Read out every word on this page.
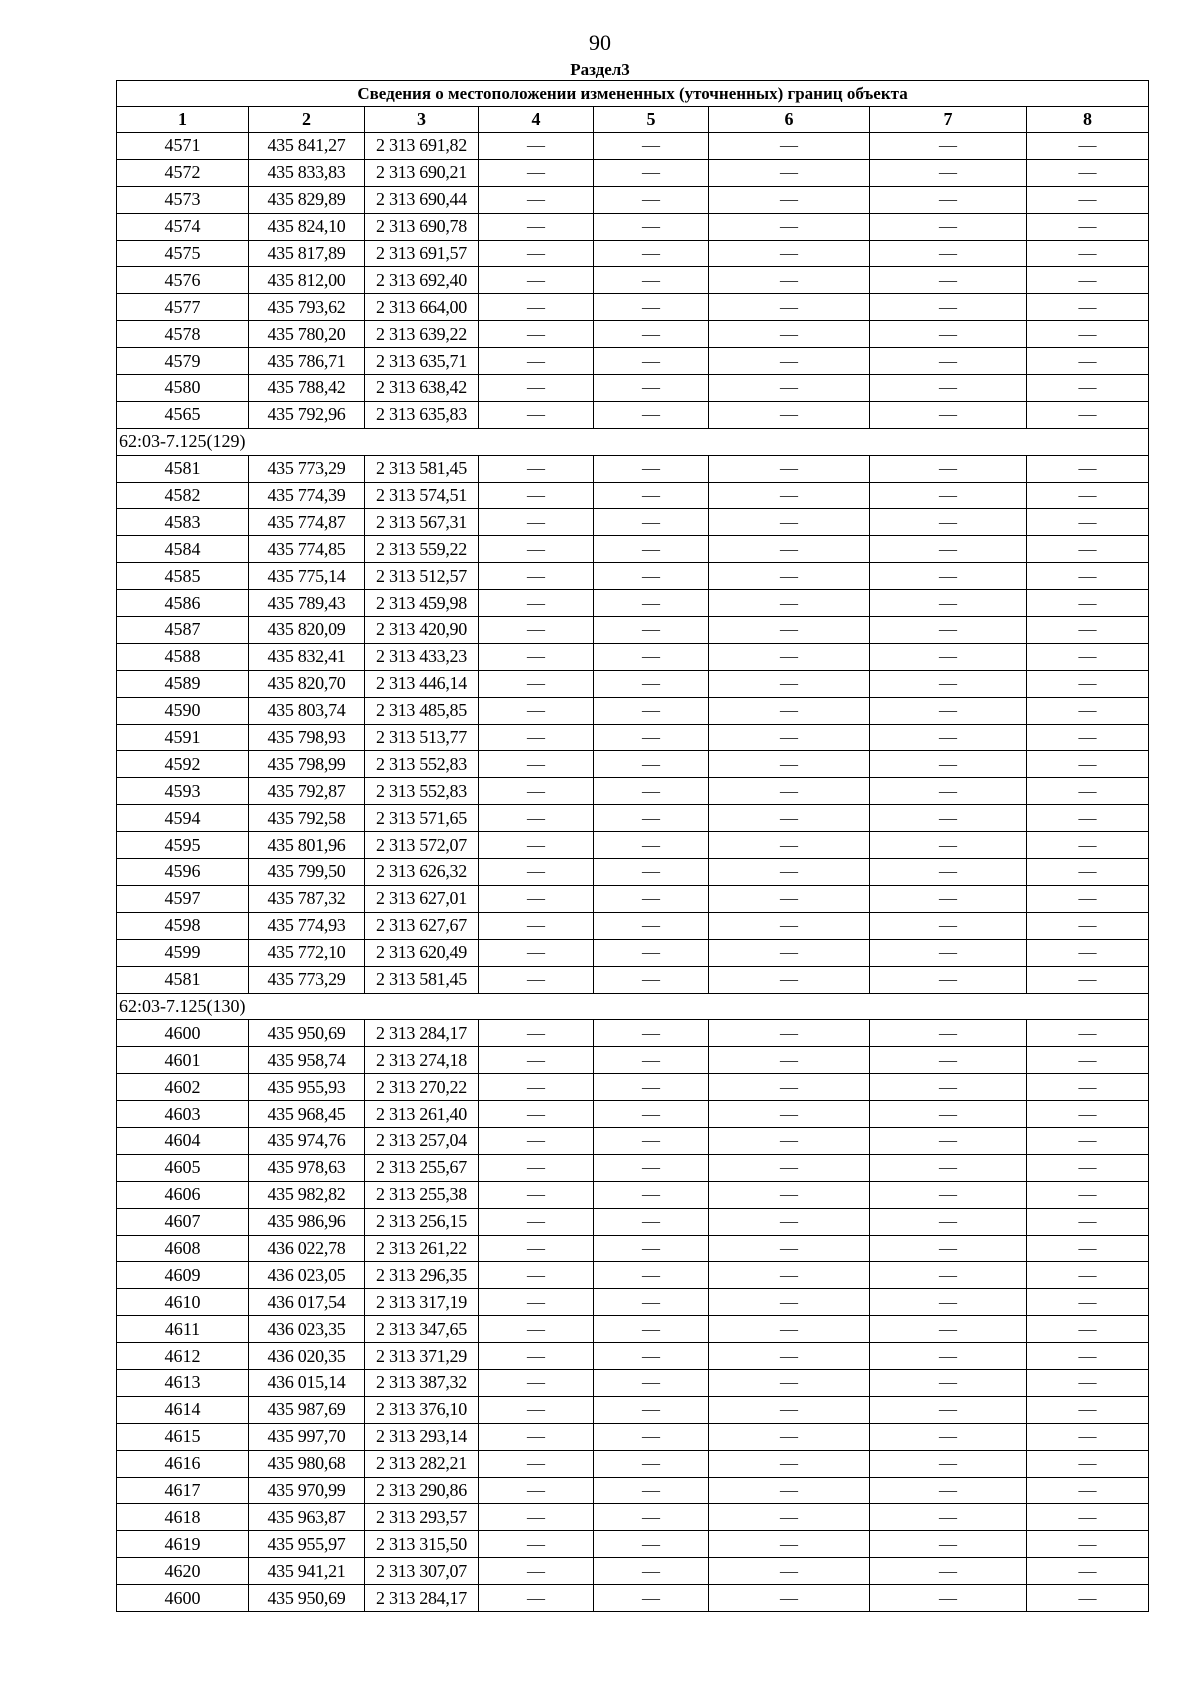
90
Раздел3
Сведения о местоположении измененных (уточненных) границ объекта							
1	2	3	4	5	6	7	8
4571	435 841,27	2 313 691,82	—	—	—	—	—
4572	435 833,83	2 313 690,21	—	—	—	—	—
4573	435 829,89	2 313 690,44	—	—	—	—	—
4574	435 824,10	2 313 690,78	—	—	—	—	—
4575	435 817,89	2 313 691,57	—	—	—	—	—
4576	435 812,00	2 313 692,40	—	—	—	—	—
4577	435 793,62	2 313 664,00	—	—	—	—	—
4578	435 780,20	2 313 639,22	—	—	—	—	—
4579	435 786,71	2 313 635,71	—	—	—	—	—
4580	435 788,42	2 313 638,42	—	—	—	—	—
4565	435 792,96	2 313 635,83	—	—	—	—	—
62:03-7.125(129)							
4581	435 773,29	2 313 581,45	—	—	—	—	—
4582	435 774,39	2 313 574,51	—	—	—	—	—
4583	435 774,87	2 313 567,31	—	—	—	—	—
4584	435 774,85	2 313 559,22	—	—	—	—	—
4585	435 775,14	2 313 512,57	—	—	—	—	—
4586	435 789,43	2 313 459,98	—	—	—	—	—
4587	435 820,09	2 313 420,90	—	—	—	—	—
4588	435 832,41	2 313 433,23	—	—	—	—	—
4589	435 820,70	2 313 446,14	—	—	—	—	—
4590	435 803,74	2 313 485,85	—	—	—	—	—
4591	435 798,93	2 313 513,77	—	—	—	—	—
4592	435 798,99	2 313 552,83	—	—	—	—	—
4593	435 792,87	2 313 552,83	—	—	—	—	—
4594	435 792,58	2 313 571,65	—	—	—	—	—
4595	435 801,96	2 313 572,07	—	—	—	—	—
4596	435 799,50	2 313 626,32	—	—	—	—	—
4597	435 787,32	2 313 627,01	—	—	—	—	—
4598	435 774,93	2 313 627,67	—	—	—	—	—
4599	435 772,10	2 313 620,49	—	—	—	—	—
4581	435 773,29	2 313 581,45	—	—	—	—	—
62:03-7.125(130)							
4600	435 950,69	2 313 284,17	—	—	—	—	—
4601	435 958,74	2 313 274,18	—	—	—	—	—
4602	435 955,93	2 313 270,22	—	—	—	—	—
4603	435 968,45	2 313 261,40	—	—	—	—	—
4604	435 974,76	2 313 257,04	—	—	—	—	—
4605	435 978,63	2 313 255,67	—	—	—	—	—
4606	435 982,82	2 313 255,38	—	—	—	—	—
4607	435 986,96	2 313 256,15	—	—	—	—	—
4608	436 022,78	2 313 261,22	—	—	—	—	—
4609	436 023,05	2 313 296,35	—	—	—	—	—
4610	436 017,54	2 313 317,19	—	—	—	—	—
4611	436 023,35	2 313 347,65	—	—	—	—	—
4612	436 020,35	2 313 371,29	—	—	—	—	—
4613	436 015,14	2 313 387,32	—	—	—	—	—
4614	435 987,69	2 313 376,10	—	—	—	—	—
4615	435 997,70	2 313 293,14	—	—	—	—	—
4616	435 980,68	2 313 282,21	—	—	—	—	—
4617	435 970,99	2 313 290,86	—	—	—	—	—
4618	435 963,87	2 313 293,57	—	—	—	—	—
4619	435 955,97	2 313 315,50	—	—	—	—	—
4620	435 941,21	2 313 307,07	—	—	—	—	—
4600	435 950,69	2 313 284,17	—	—	—	—	—
